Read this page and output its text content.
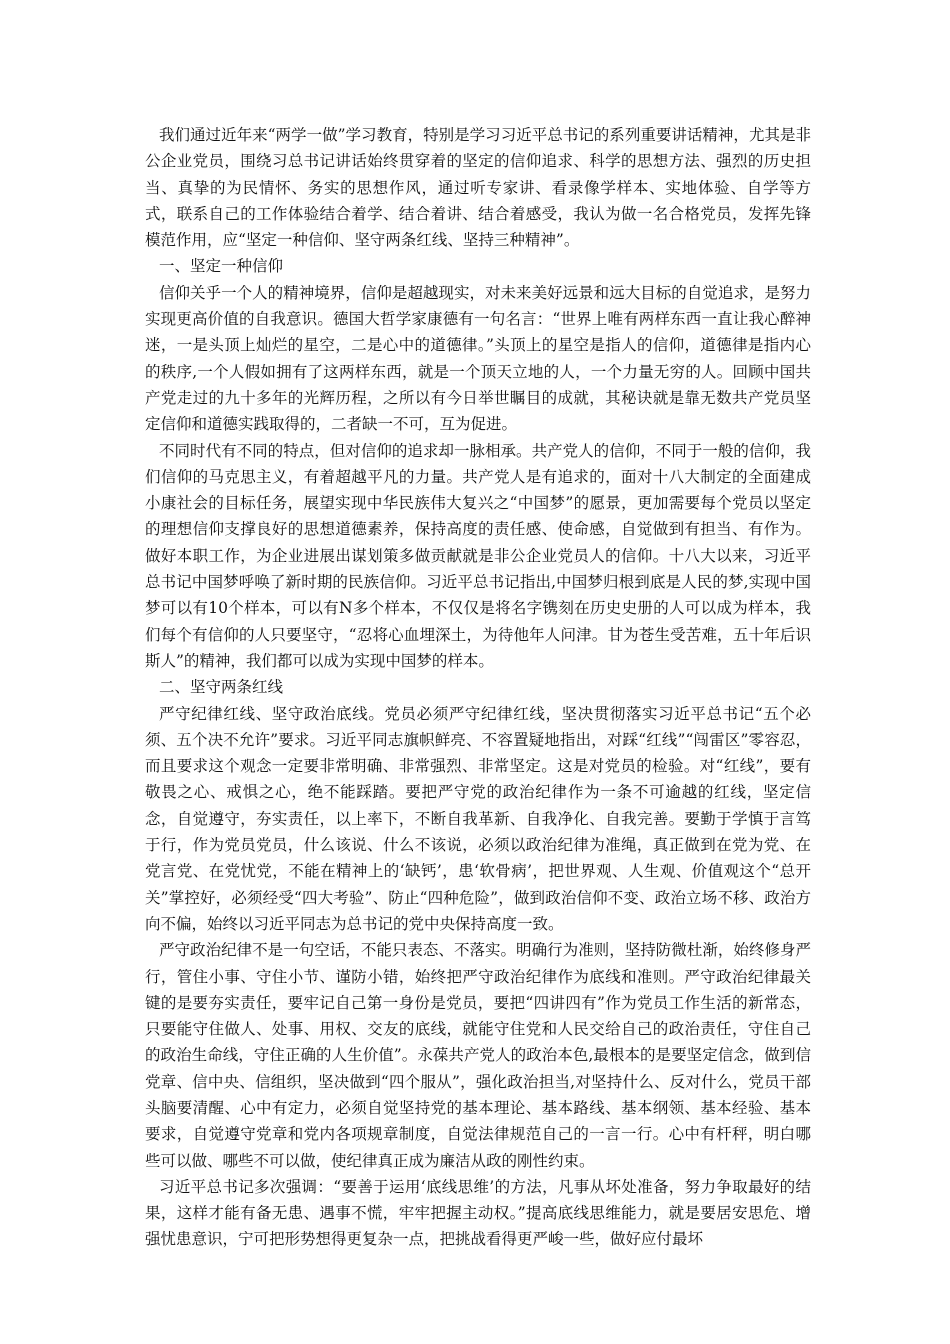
我们通过近年来“两学一做”学习教育，特别是学习习近平总书记的系列重要讲话精神，尤其是非公企业党员，围绕习总书记讲话始终贯穿着的坚定的信仰追求、科学的思想方法、强烈的历史担当、真挚的为民情怀、务实的思想作风，通过听专家讲、看录像学样本、实地体验、自学等方式，联系自己的工作体验结合着学、结合着讲、结合着感受，我认为做一名合格党员，发挥先锋模范作用，应“坚定一种信仰、坚守两条红线、坚持三种精神”。

一、坚定一种信仰

信仰关乎一个人的精神境界，信仰是超越现实，对未来美好远景和远大目标的自觉追求，是努力实现更高价值的自我意识。德国大哲学家康德有一句名言：“世界上唯有两样东西一直让我心醉神迷，一是头顶上灿烂的星空，二是心中的道德律。”头顶上的星空是指人的信仰，道德律是指内心的秩序,一个人假如拥有了这两样东西，就是一个顶天立地的人，一个力量无穷的人。回顾中国共产党走过的九十多年的光辉历程，之所以有今日举世瞩目的成就，其秘诀就是靠无数共产党员坚定信仰和道德实践取得的，二者缺一不可，互为促进。

不同时代有不同的特点，但对信仰的追求却一脉相承。共产党人的信仰，不同于一般的信仰，我们信仰的马克思主义，有着超越平凡的力量。共产党人是有追求的，面对十八大制定的全面建成小康社会的目标任务，展望实现中华民族伟大复兴之“中国梦”的愿景，更加需要每个党员以坚定的理想信仰支撑良好的思想道德素养，保持高度的责任感、使命感，自觉做到有担当、有作为。做好本职工作，为企业进展出谋划策多做贡献就是非公企业党员人的信仰。十八大以来，习近平总书记中国梦呼唤了新时期的民族信仰。习近平总书记指出,中国梦归根到底是人民的梦,实现中国梦可以有10个样本，可以有N多个样本，不仅仅是将名字镌刻在历史史册的人可以成为样本，我们每个有信仰的人只要坚守，“忍将心血埋深土，为待他年人问津。甘为苍生受苦难，五十年后识斯人”的精神，我们都可以成为实现中国梦的样本。

二、坚守两条红线

严守纪律红线、坚守政治底线。党员必须严守纪律红线，坚决贯彻落实习近平总书记“五个必须、五个决不允许”要求。习近平同志旗帜鲜亮、不容置疑地指出，对踩“红线”“闯雷区”零容忍，而且要求这个观念一定要非常明确、非常强烈、非常坚定。这是对党员的检验。对“红线”，要有敬畏之心、戒惧之心，绝不能踩踏。要把严守党的政治纪律作为一条不可逾越的红线，坚定信念，自觉遵守，夯实责任，以上率下，不断自我革新、自我净化、自我完善。要勤于学慎于言笃于行，作为党员党员，什么该说、什么不该说，必须以政治纪律为准绳，真正做到在党为党、在党言党、在党忧党，不能在精神上的‘缺钙’，患‘软骨病’，把世界观、人生观、价值观这个“总开关”掌控好，必须经受“四大考验”、防止“四种危险”，做到政治信仰不变、政治立场不移、政治方向不偏，始终以习近平同志为总书记的党中央保持高度一致。

严守政治纪律不是一句空话，不能只表态、不落实。明确行为准则，坚持防微杜渐，始终修身严行，管住小事、守住小节、谨防小错，始终把严守政治纪律作为底线和准则。严守政治纪律最关键的是要夯实责任，要牢记自己第一身份是党员，要把“四讲四有”作为党员工作生活的新常态，只要能守住做人、处事、用权、交友的底线，就能守住党和人民交给自己的政治责任，守住自己的政治生命线，守住正确的人生价值”。永葆共产党人的政治本色,最根本的是要坚定信念，做到信党章、信中央、信组织，坚决做到“四个服从”，强化政治担当,对坚持什么、反对什么，党员干部头脑要清醒、心中有定力，必须自觉坚持党的基本理论、基本路线、基本纲领、基本经验、基本要求，自觉遵守党章和党内各项规章制度，自觉法律规范自己的一言一行。心中有杆秤，明白哪些可以做、哪些不可以做，使纪律真正成为廉洁从政的刚性约束。

习近平总书记多次强调：“要善于运用‘底线思维’的方法，凡事从坏处准备，努力争取最好的结果，这样才能有备无患、遇事不慌，牢牢把握主动权。”提高底线思维能力，就是要居安思危、增强忧患意识，宁可把形势想得更复杂一点，把挑战看得更严峻一些，做好应付最坏
